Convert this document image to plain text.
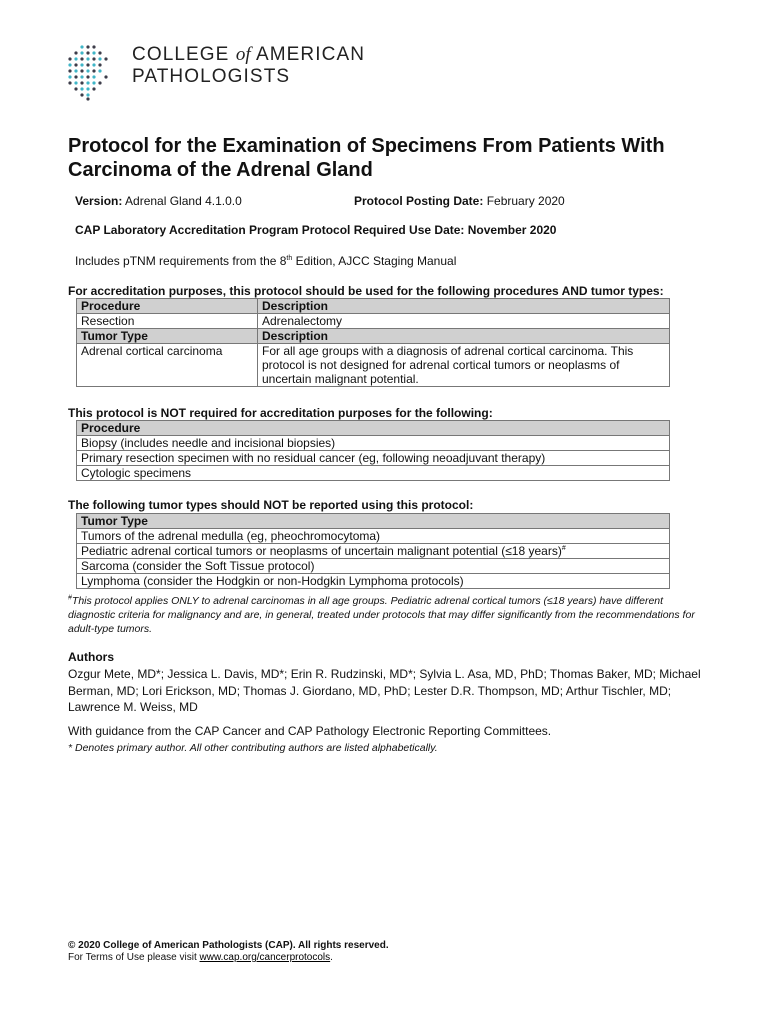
COLLEGE of AMERICAN
PATHOLOGISTS
Protocol for the Examination of Specimens From Patients With Carcinoma of the Adrenal Gland
Version: Adrenal Gland 4.1.0.0	Protocol Posting Date: February 2020
CAP Laboratory Accreditation Program Protocol Required Use Date: November 2020
Includes pTNM requirements from the 8th Edition, AJCC Staging Manual
For accreditation purposes, this protocol should be used for the following procedures AND tumor types:
Procedure	Description
Resection	Adrenalectomy
Tumor Type	Description
Adrenal cortical carcinoma	For all age groups with a diagnosis of adrenal cortical carcinoma. This protocol is not designed for adrenal cortical tumors or neoplasms of uncertain malignant potential.
This protocol is NOT required for accreditation purposes for the following:
Procedure
Biopsy (includes needle and incisional biopsies)
Primary resection specimen with no residual cancer (eg, following neoadjuvant therapy)
Cytologic specimens
The following tumor types should NOT be reported using this protocol:
Tumor Type
Tumors of the adrenal medulla (eg, pheochromocytoma)
Pediatric adrenal cortical tumors or neoplasms of uncertain malignant potential (≤18 years)#
Sarcoma (consider the Soft Tissue protocol)
Lymphoma (consider the Hodgkin or non-Hodgkin Lymphoma protocols)
#This protocol applies ONLY to adrenal carcinomas in all age groups. Pediatric adrenal cortical tumors (≤18 years) have different diagnostic criteria for malignancy and are, in general, treated under protocols that may differ significantly from the recommendations for adult-type tumors.
Authors
Ozgur Mete, MD*; Jessica L. Davis, MD*; Erin R. Rudzinski, MD*; Sylvia L. Asa, MD, PhD; Thomas Baker, MD; Michael Berman, MD; Lori Erickson, MD; Thomas J. Giordano, MD, PhD; Lester D.R. Thompson, MD; Arthur Tischler, MD; Lawrence M. Weiss, MD
With guidance from the CAP Cancer and CAP Pathology Electronic Reporting Committees.
* Denotes primary author. All other contributing authors are listed alphabetically.
© 2020 College of American Pathologists (CAP). All rights reserved.
For Terms of Use please visit www.cap.org/cancerprotocols.
